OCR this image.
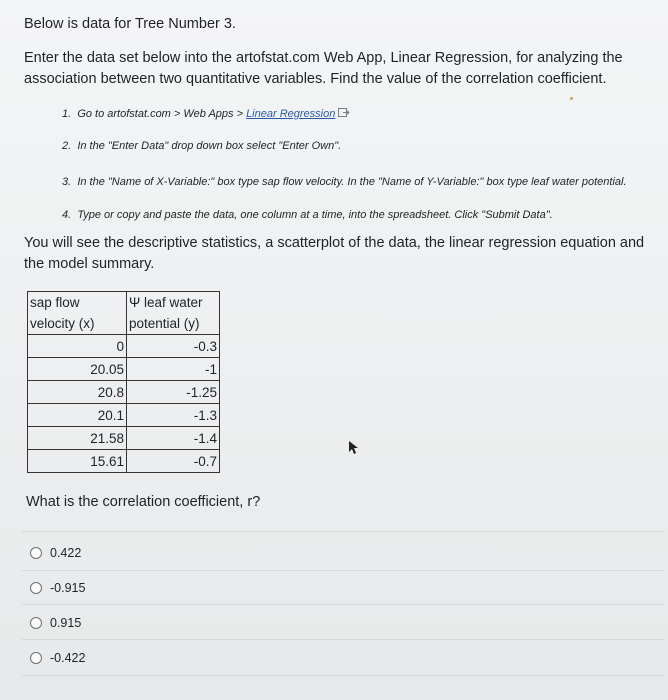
Below is data for Tree Number 3.
Enter the data set below into the artofstat.com Web App, Linear Regression, for analyzing the association between two quantitative variables. Find the value of the correlation coefficient.
1. Go to artofstat.com > Web Apps > Linear Regression
2. In the "Enter Data" drop down box select "Enter Own".
3. In the "Name of X-Variable:" box type sap flow velocity. In the "Name of Y-Variable:" box type leaf water potential.
4. Type or copy and paste the data, one column at a time, into the spreadsheet. Click "Submit Data".
You will see the descriptive statistics, a scatterplot of the data, the linear regression equation and the model summary.
sap flow	Ψ leaf water
velocity (x)	potential (y)
0	-0.3
20.05	-1
20.8	-1.25
20.1	-1.3
21.58	-1.4
15.61	-0.7
What is the correlation coefficient, r?
0.422
-0.915
0.915
-0.422
